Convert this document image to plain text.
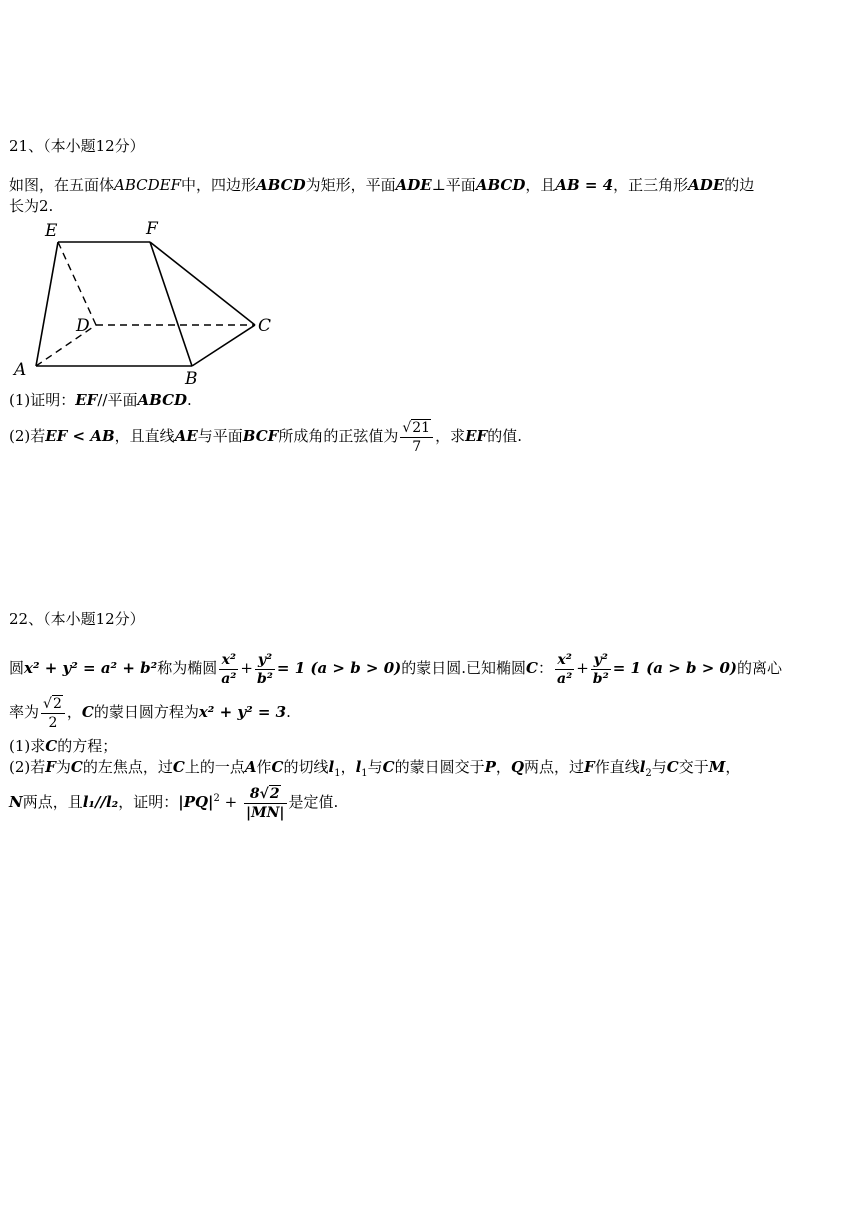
21、（本小题12分）
如图，在五面体ABCDEF中，四边形ABCD为矩形，平面ADE⊥平面ABCD，且AB = 4，正三角形ADE的边
长为2.
E	F
D	C
A	B
(1)证明：EF//平面ABCD.
(2)若EF < AB，且直线AE与平面BCF所成角的正弦值为 $\frac{√21}{7}$ ，求EF的值.
22、（本小题12分）
圆x² + y² = a² + b²称为椭圆 $\frac{\text{x²}}{\text{a²}} + \frac{\text{y²}}{\text{b²}} = 1$ (a > b > 0)的蒙日圆.已知椭圆C： $\frac{\text{x²}}{\text{a²}} + \frac{\text{y²}}{\text{b²}} = 1$ (a > b > 0)的离心
率为 $\frac{√2}{2}$ ，C的蒙日圆方程为x² + y² = 3.
(1)求C的方程；
(2)若F为C的左焦点，过C上的一点A作C的切线$l_1$，$l_1$与C的蒙日圆交于P，Q两点，过F作直线$l_2$与C交于M，
N两点，且l₁//l₂，证明：$|PQ|^2 + \frac{8√2}{|MN|}$ 是定值.
